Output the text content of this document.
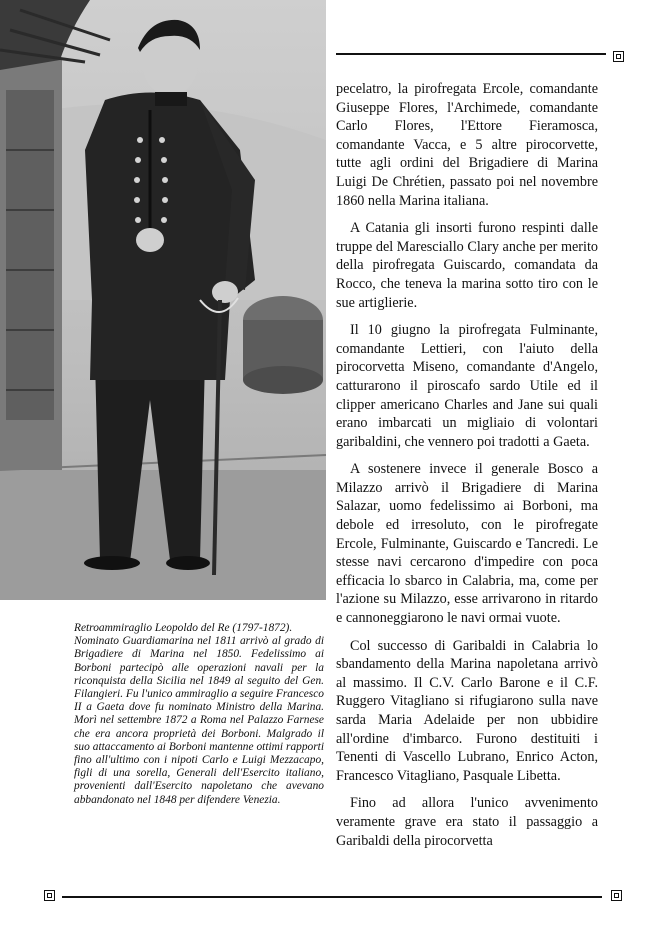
Retroammiraglio Leopoldo del Re (1797-1872).

Nominato Guardiamarina nel 1811 arrivò al grado di Brigadiere di Marina nel 1850. Fedelissimo ai Borboni partecipò alle operazioni navali per la riconquista della Sicilia nel 1849 al seguito del Gen. Filangieri. Fu l'unico ammiraglio a seguire Francesco II a Gaeta dove fu nominato Ministro della Marina. Morì nel settembre 1872 a Roma nel Palazzo Farnese che era ancora proprietà dei Borboni. Malgrado il suo attaccamento ai Borboni mantenne ottimi rapporti fino all'ultimo con i nipoti Carlo e Luigi Mezzacapo, figli di una sorella, Generali dell'Esercito italiano, provenienti dall'Esercito napoletano che avevano abbandonato nel 1848 per difendere Venezia.

pecelatro, la pirofregata Ercole, comandante Giuseppe Flores, l'Archimede, comandante Carlo Flores, l'Ettore Fieramosca, comandante Vacca, e 5 altre pirocorvette, tutte agli ordini del Brigadiere di Marina Luigi De Chrétien, passato poi nel novembre 1860 nella Marina italiana.

A Catania gli insorti furono respinti dalle truppe del Maresciallo Clary anche per merito della pirofregata Guiscardo, comandata da Rocco, che teneva la marina sotto tiro con le sue artiglierie.

Il 10 giugno la pirofregata Fulminante, comandante Lettieri, con l'aiuto della pirocorvetta Miseno, comandante d'Angelo, catturarono il piroscafo sardo Utile ed il clipper americano Charles and Jane sui quali erano imbarcati un migliaio di volontari garibaldini, che vennero poi tradotti a Gaeta.

A sostenere invece il generale Bosco a Milazzo arrivò il Brigadiere di Marina Salazar, uomo fedelissimo ai Borboni, ma debole ed irresoluto, con le pirofregate Ercole, Fulminante, Guiscardo e Tancredi. Le stesse navi cercarono d'impedire con poca efficacia lo sbarco in Calabria, ma, come per l'azione su Milazzo, esse arrivarono in ritardo e cannoneggiarono le navi ormai vuote.

Col successo di Garibaldi in Calabria lo sbandamento della Marina napoletana arrivò al massimo. Il C.V. Carlo Barone e il C.F. Ruggero Vitagliano si rifugiarono sulla nave sarda Maria Adelaide per non ubbidire all'ordine d'imbarco. Furono destituiti i Tenenti di Vascello Lubrano, Enrico Acton, Francesco Vitagliano, Pasquale Libetta.

Fino ad allora l'unico avvenimento veramente grave era stato il passaggio a Garibaldi della pirocorvetta
